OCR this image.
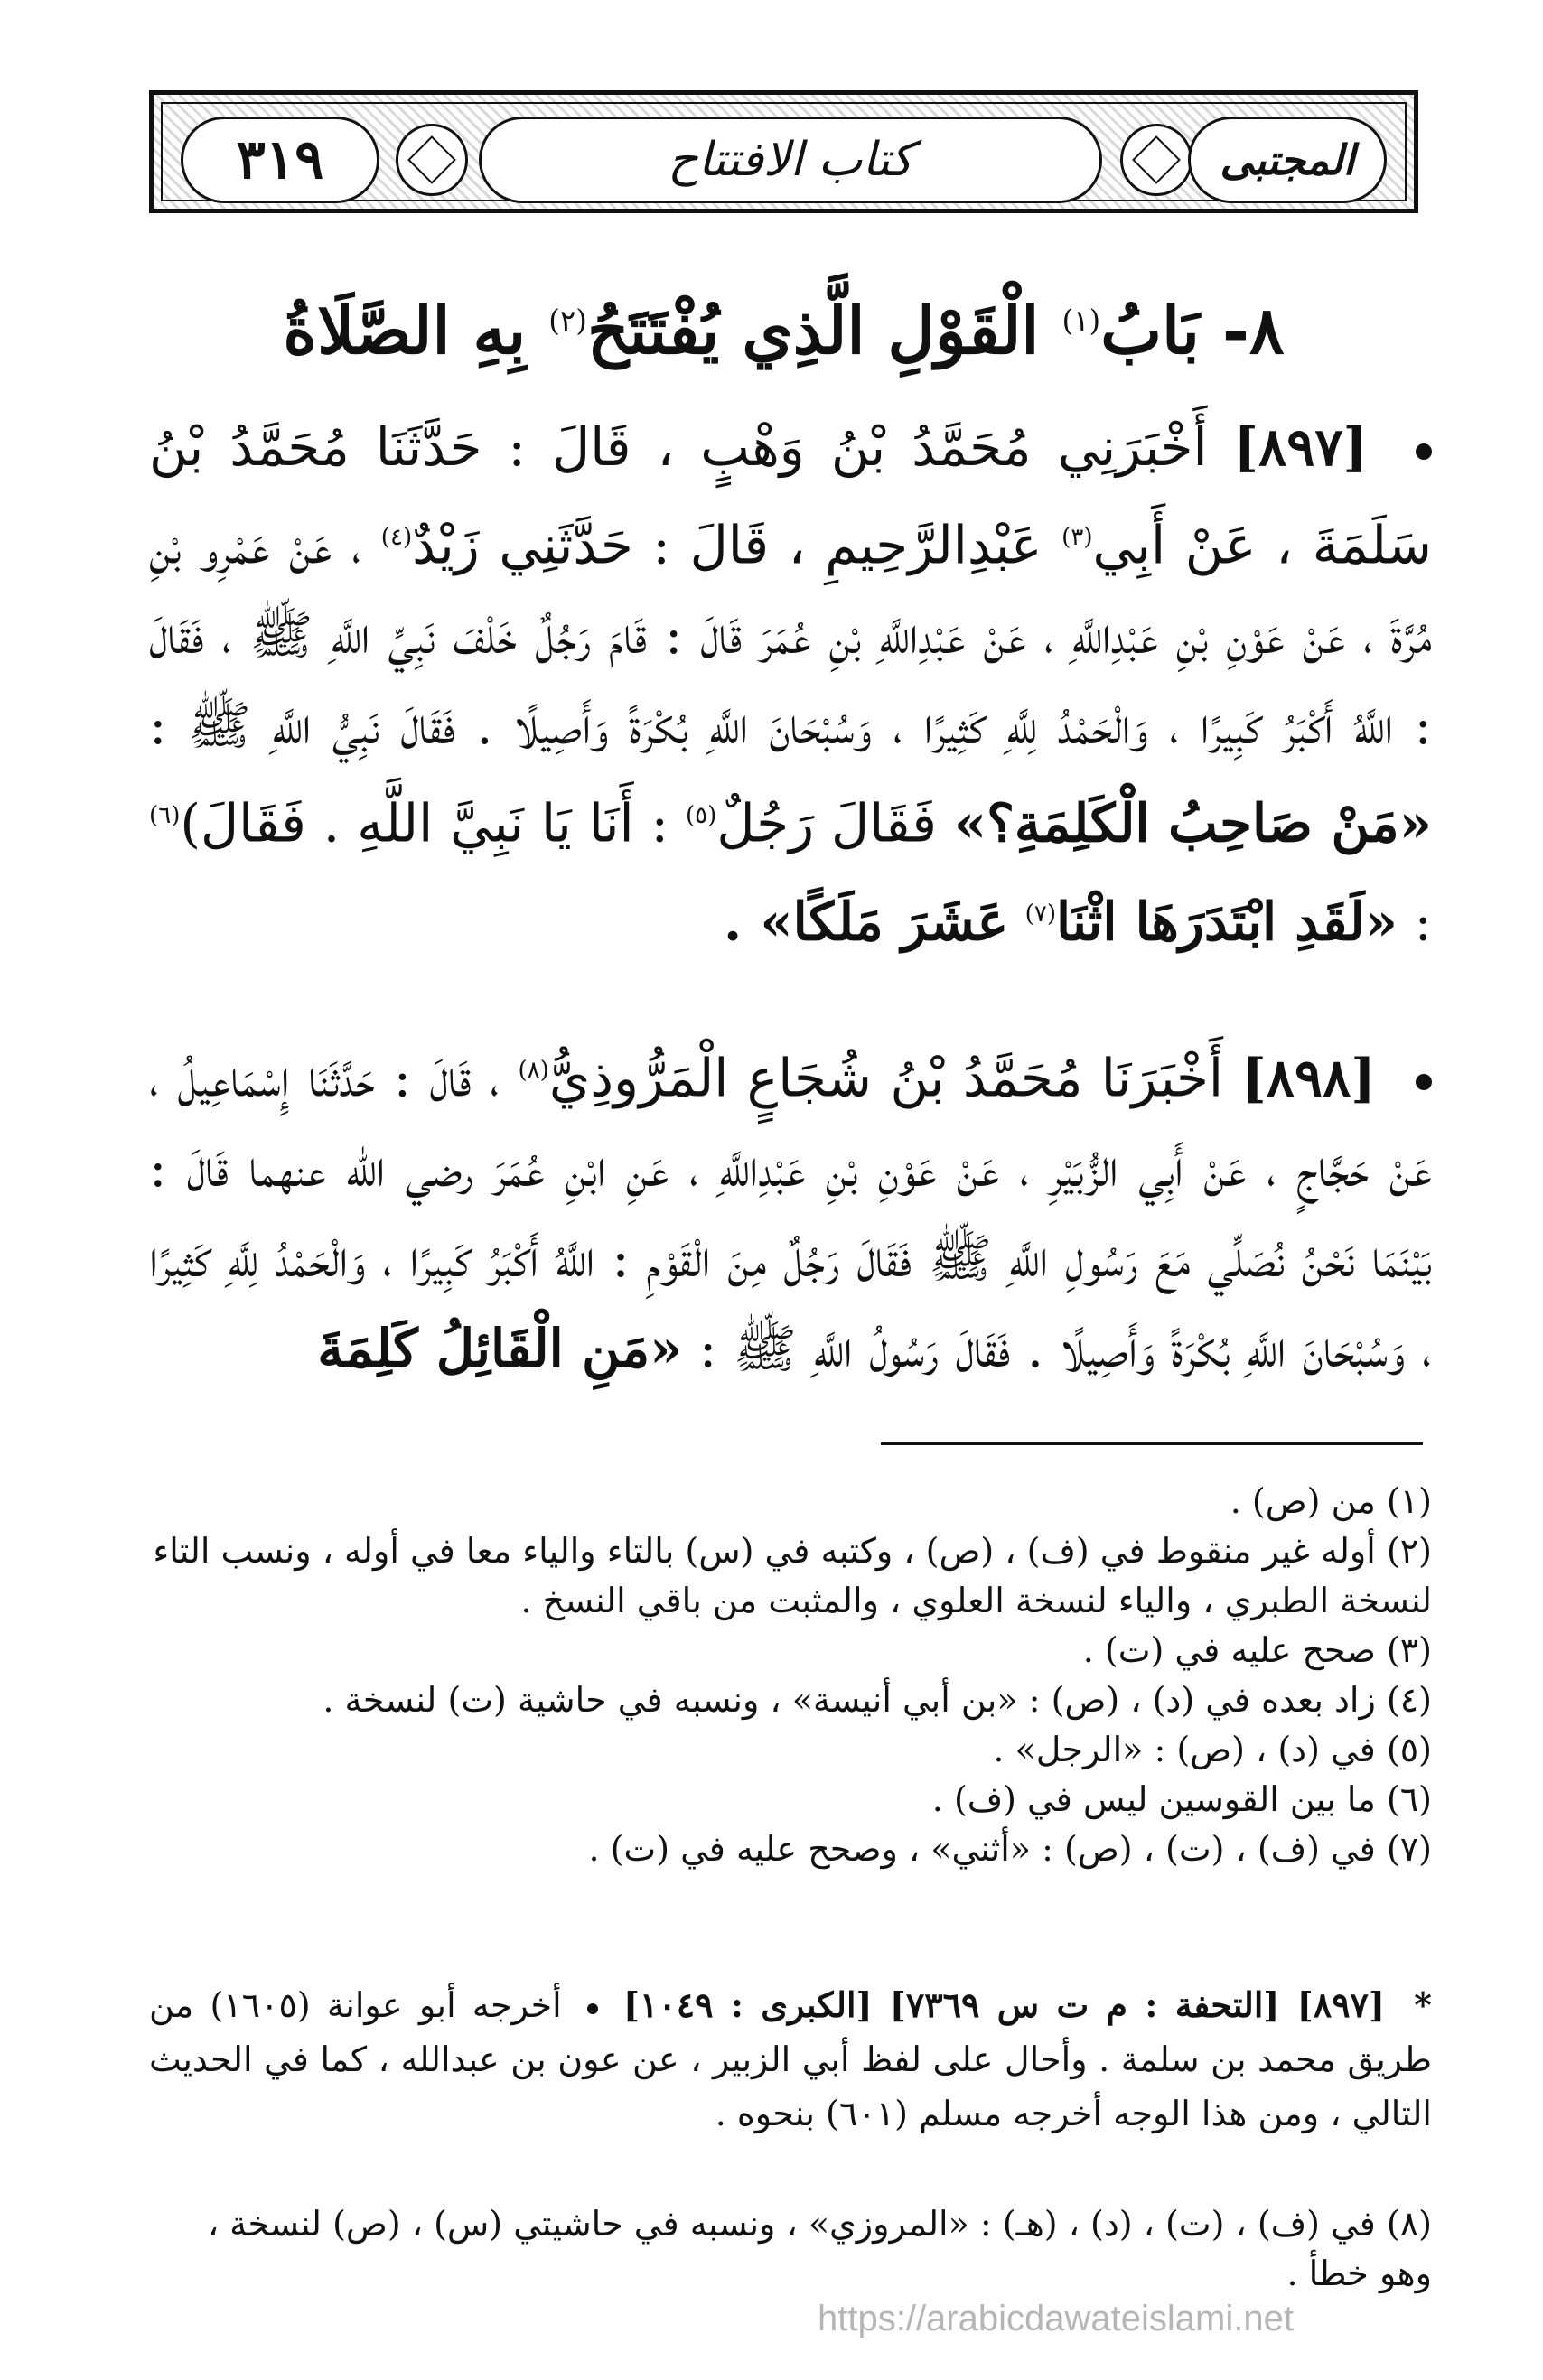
٣١٩	كتاب الافتتاح	المجتبى
٨- بَابُ$^{(١)}$ الْقَوْلِ الَّذِي يُفْتَتَحُ$^{(٢)}$ بِهِ الصَّلَاةُ
[٨٩٧] أَخْبَرَنِي مُحَمَّدُ بْنُ وَهْبٍ ، قَالَ : حَدَّثَنَا مُحَمَّدُ بْنُ سَلَمَةَ ، عَنْ أَبِي$^{(٣)}$ عَبْدِالرَّحِيمِ ، قَالَ : حَدَّثَنِي زَيْدٌ$^{(٤)}$ ، عَنْ عَمْرِو بْنِ مُرَّةَ ، عَنْ عَوْنِ بْنِ عَبْدِاللَّهِ ، عَنْ عَبْدِاللَّهِ بْنِ عُمَرَ قَالَ : قَامَ رَجُلٌ خَلْفَ نَبِيِّ اللَّهِ ﷺ ، فَقَالَ : اللَّهُ أَكْبَرُ كَبِيرًا ، وَالْحَمْدُ لِلَّهِ كَثِيرًا ، وَسُبْحَانَ اللَّهِ بُكْرَةً وَأَصِيلًا . فَقَالَ نَبِيُّ اللَّهِ ﷺ : «مَنْ صَاحِبُ الْكَلِمَةِ؟» فَقَالَ رَجُلٌ$^{(٥)}$ : أَنَا يَا نَبِيَّ اللَّهِ . فَقَالَ)$^{(٦)}$ : «لَقَدِ ابْتَدَرَهَا اثْنَا$^{(٧)}$ عَشَرَ مَلَكًا» .
[٨٩٨] أَخْبَرَنَا مُحَمَّدُ بْنُ شُجَاعٍ الْمَرُّوذِيُّ$^{(٨)}$ ، قَالَ : حَدَّثَنَا إِسْمَاعِيلُ ، عَنْ حَجَّاجٍ ، عَنْ أَبِي الزُّبَيْرِ ، عَنْ عَوْنِ بْنِ عَبْدِاللَّهِ ، عَنِ ابْنِ عُمَرَ رضي الله عنهما قَالَ : بَيْنَمَا نَحْنُ نُصَلِّي مَعَ رَسُولِ اللَّهِ ﷺ فَقَالَ رَجُلٌ مِنَ الْقَوْمِ : اللَّهُ أَكْبَرُ كَبِيرًا ، وَالْحَمْدُ لِلَّهِ كَثِيرًا ، وَسُبْحَانَ اللَّهِ بُكْرَةً وَأَصِيلًا . فَقَالَ رَسُولُ اللَّهِ ﷺ : «مَنِ الْقَائِلُ كَلِمَةَ

(١) من (ص) .

(٢) أوله غير منقوط في (ف) ، (ص) ، وكتبه في (س) بالتاء والياء معا في أوله ، ونسب التاء لنسخة الطبري ، والياء لنسخة العلوي ، والمثبت من باقي النسخ .

(٣) صحح عليه في (ت) .

(٤) زاد بعده في (د) ، (ص) : «بن أبي أنيسة» ، ونسبه في حاشية (ت) لنسخة .

(٥) في (د) ، (ص) : «الرجل» .

(٦) ما بين القوسين ليس في (ف) .

(٧) في (ف) ، (ت) ، (ص) : «أثني» ، وصحح عليه في (ت) .

* [٨٩٧] [التحفة : م ت س ٧٣٦٩] [الكبرى : ١٠٤٩]  أخرجه أبو عوانة (١٦٠٥) من طريق محمد بن سلمة . وأحال على لفظ أبي الزبير ، عن عون بن عبدالله ، كما في الحديث التالي ، ومن هذا الوجه أخرجه مسلم (٦٠١) بنحوه .
(٨) في (ف) ، (ت) ، (د) ، (هـ) : «المروزي» ، ونسبه في حاشيتي (س) ، (ص) لنسخة ، وهو خطأ .
https://arabicdawateislami.net
